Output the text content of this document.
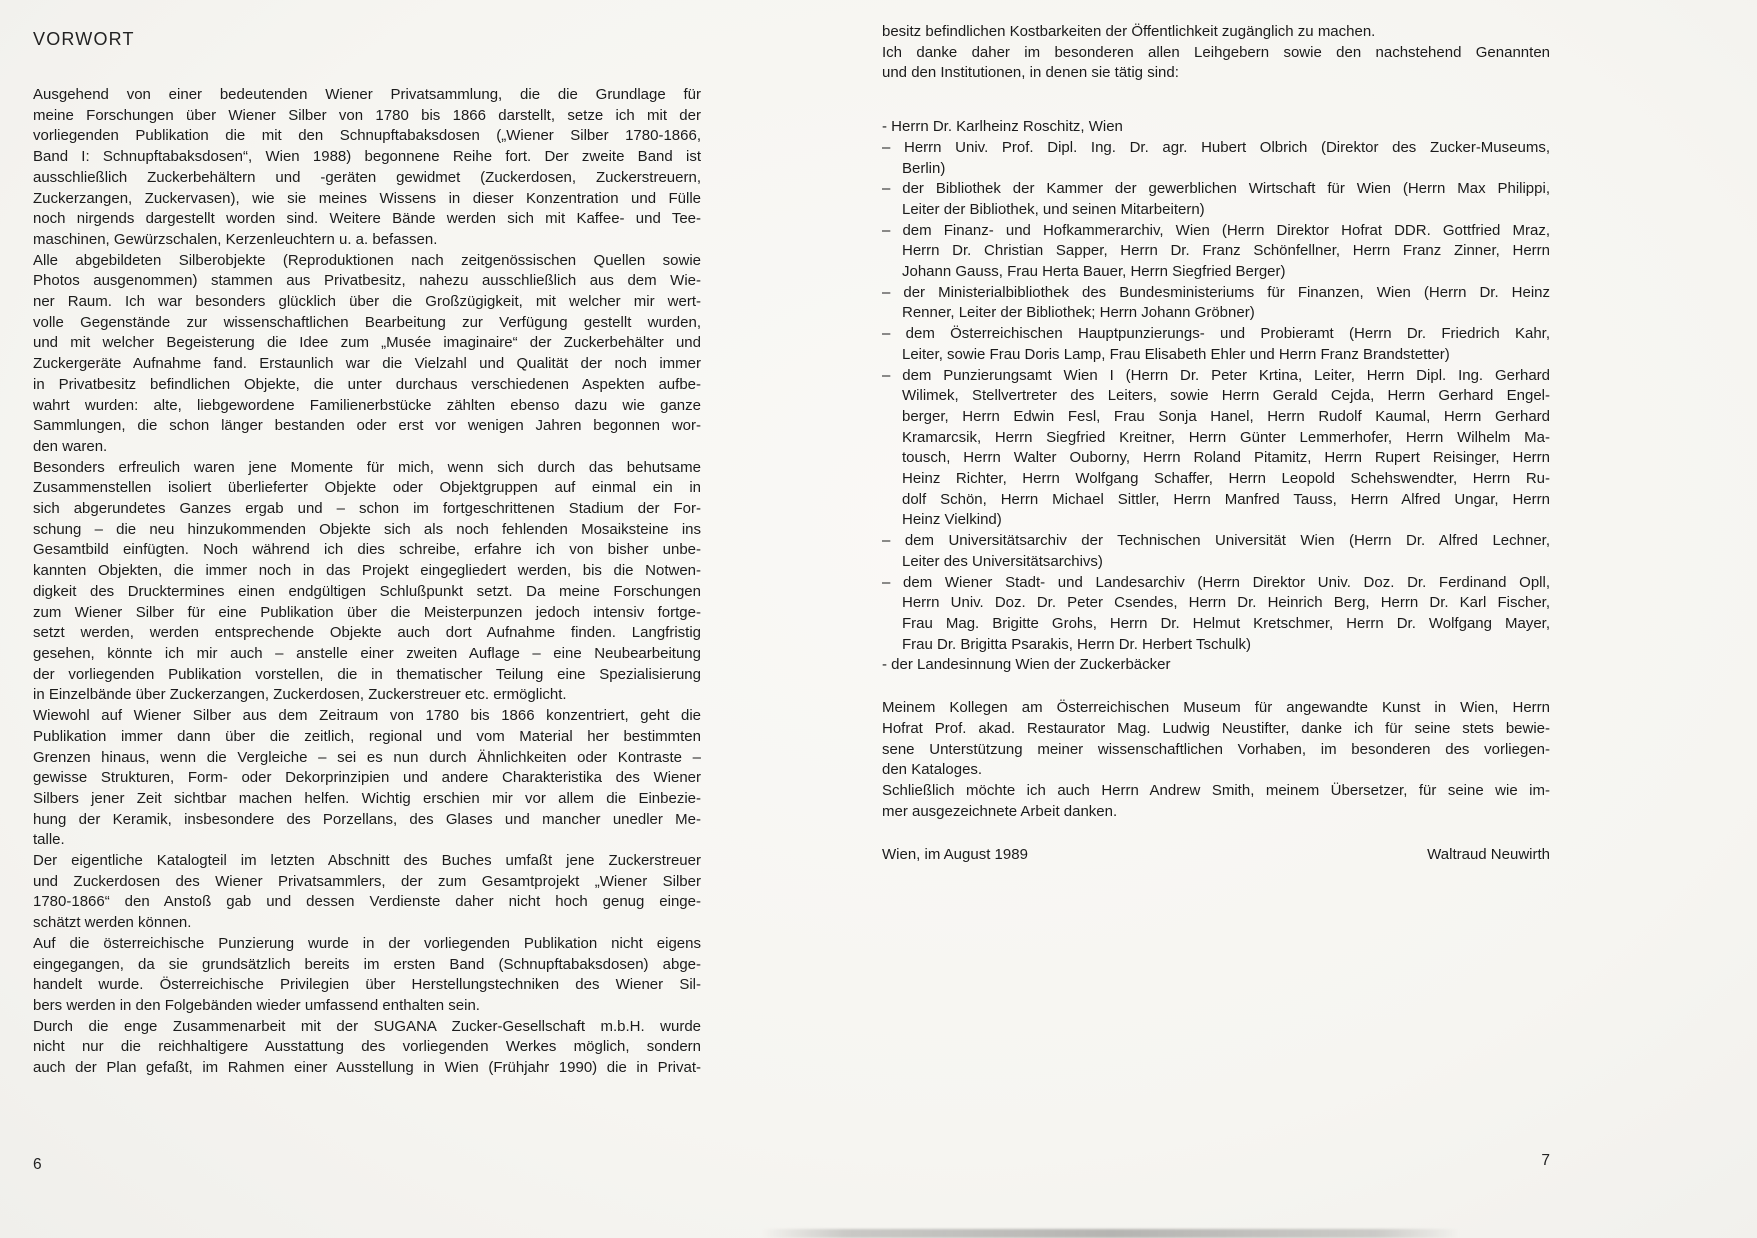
VORWORT
Ausgehend von einer bedeutenden Wiener Privatsammlung, die die Grundlage für
meine Forschungen über Wiener Silber von 1780 bis 1866 darstellt, setze ich mit der
vorliegenden Publikation die mit den Schnupftabaksdosen („Wiener Silber 1780-1866,
Band I: Schnupftabaksdosen“, Wien 1988) begonnene Reihe fort. Der zweite Band ist
ausschließlich Zuckerbehältern und -geräten gewidmet (Zuckerdosen, Zuckerstreuern,
Zuckerzangen, Zuckervasen), wie sie meines Wissens in dieser Konzentration und Fülle
noch nirgends dargestellt worden sind. Weitere Bände werden sich mit Kaffee- und Tee-
maschinen, Gewürzschalen, Kerzenleuchtern u. a. befassen.
Alle abgebildeten Silberobjekte (Reproduktionen nach zeitgenössischen Quellen sowie
Photos ausgenommen) stammen aus Privatbesitz, nahezu ausschließlich aus dem Wie-
ner Raum. Ich war besonders glücklich über die Großzügigkeit, mit welcher mir wert-
volle Gegenstände zur wissenschaftlichen Bearbeitung zur Verfügung gestellt wurden,
und mit welcher Begeisterung die Idee zum „Musée imaginaire“ der Zuckerbehälter und
Zuckergeräte Aufnahme fand. Erstaunlich war die Vielzahl und Qualität der noch immer
in Privatbesitz befindlichen Objekte, die unter durchaus verschiedenen Aspekten aufbe-
wahrt wurden: alte, liebgewordene Familienerbstücke zählten ebenso dazu wie ganze
Sammlungen, die schon länger bestanden oder erst vor wenigen Jahren begonnen wor-
den waren.
Besonders erfreulich waren jene Momente für mich, wenn sich durch das behutsame
Zusammenstellen isoliert überlieferter Objekte oder Objektgruppen auf einmal ein in
sich abgerundetes Ganzes ergab und – schon im fortgeschrittenen Stadium der For-
schung – die neu hinzukommenden Objekte sich als noch fehlenden Mosaiksteine ins
Gesamtbild einfügten. Noch während ich dies schreibe, erfahre ich von bisher unbe-
kannten Objekten, die immer noch in das Projekt eingegliedert werden, bis die Notwen-
digkeit des Drucktermines einen endgültigen Schlußpunkt setzt. Da meine Forschungen
zum Wiener Silber für eine Publikation über die Meisterpunzen jedoch intensiv fortge-
setzt werden, werden entsprechende Objekte auch dort Aufnahme finden. Langfristig
gesehen, könnte ich mir auch – anstelle einer zweiten Auflage – eine Neubearbeitung
der vorliegenden Publikation vorstellen, die in thematischer Teilung eine Spezialisierung
in Einzelbände über Zuckerzangen, Zuckerdosen, Zuckerstreuer etc. ermöglicht.
Wiewohl auf Wiener Silber aus dem Zeitraum von 1780 bis 1866 konzentriert, geht die
Publikation immer dann über die zeitlich, regional und vom Material her bestimmten
Grenzen hinaus, wenn die Vergleiche – sei es nun durch Ähnlichkeiten oder Kontraste –
gewisse Strukturen, Form- oder Dekorprinzipien und andere Charakteristika des Wiener
Silbers jener Zeit sichtbar machen helfen. Wichtig erschien mir vor allem die Einbezie-
hung der Keramik, insbesondere des Porzellans, des Glases und mancher unedler Me-
talle.
Der eigentliche Katalogteil im letzten Abschnitt des Buches umfaßt jene Zuckerstreuer
und Zuckerdosen des Wiener Privatsammlers, der zum Gesamtprojekt „Wiener Silber
1780-1866“ den Anstoß gab und dessen Verdienste daher nicht hoch genug einge-
schätzt werden können.
Auf die österreichische Punzierung wurde in der vorliegenden Publikation nicht eigens
eingegangen, da sie grundsätzlich bereits im ersten Band (Schnupftabaksdosen) abge-
handelt wurde. Österreichische Privilegien über Herstellungstechniken des Wiener Sil-
bers werden in den Folgebänden wieder umfassend enthalten sein.
Durch die enge Zusammenarbeit mit der SUGANA Zucker-Gesellschaft m.b.H. wurde
nicht nur die reichhaltigere Ausstattung des vorliegenden Werkes möglich, sondern
auch der Plan gefaßt, im Rahmen einer Ausstellung in Wien (Frühjahr 1990) die in Privat-
besitz befindlichen Kostbarkeiten der Öffentlichkeit zugänglich zu machen.
Ich danke daher im besonderen allen Leihgebern sowie den nachstehend Genannten
und den Institutionen, in denen sie tätig sind:
- Herrn Dr. Karlheinz Roschitz, Wien
– Herrn Univ. Prof. Dipl. Ing. Dr. agr. Hubert Olbrich (Direktor des Zucker-Museums,
Berlin)
– der Bibliothek der Kammer der gewerblichen Wirtschaft für Wien (Herrn Max Philippi,
Leiter der Bibliothek, und seinen Mitarbeitern)
– dem Finanz- und Hofkammerarchiv, Wien (Herrn Direktor Hofrat DDR. Gottfried Mraz,
Herrn Dr. Christian Sapper, Herrn Dr. Franz Schönfellner, Herrn Franz Zinner, Herrn
Johann Gauss, Frau Herta Bauer, Herrn Siegfried Berger)
– der Ministerialbibliothek des Bundesministeriums für Finanzen, Wien (Herrn Dr. Heinz
Renner, Leiter der Bibliothek; Herrn Johann Gröbner)
– dem Österreichischen Hauptpunzierungs- und Probieramt (Herrn Dr. Friedrich Kahr,
Leiter, sowie Frau Doris Lamp, Frau Elisabeth Ehler und Herrn Franz Brandstetter)
– dem Punzierungsamt Wien I (Herrn Dr. Peter Krtina, Leiter, Herrn Dipl. Ing. Gerhard
Wilimek, Stellvertreter des Leiters, sowie Herrn Gerald Cejda, Herrn Gerhard Engel-
berger, Herrn Edwin Fesl, Frau Sonja Hanel, Herrn Rudolf Kaumal, Herrn Gerhard
Kramarcsik, Herrn Siegfried Kreitner, Herrn Günter Lemmerhofer, Herrn Wilhelm Ma-
tousch, Herrn Walter Ouborny, Herrn Roland Pitamitz, Herrn Rupert Reisinger, Herrn
Heinz Richter, Herrn Wolfgang Schaffer, Herrn Leopold Schehswendter, Herrn Ru-
dolf Schön, Herrn Michael Sittler, Herrn Manfred Tauss, Herrn Alfred Ungar, Herrn
Heinz Vielkind)
– dem Universitätsarchiv der Technischen Universität Wien (Herrn Dr. Alfred Lechner,
Leiter des Universitätsarchivs)
– dem Wiener Stadt- und Landesarchiv (Herrn Direktor Univ. Doz. Dr. Ferdinand Opll,
Herrn Univ. Doz. Dr. Peter Csendes, Herrn Dr. Heinrich Berg, Herrn Dr. Karl Fischer,
Frau Mag. Brigitte Grohs, Herrn Dr. Helmut Kretschmer, Herrn Dr. Wolfgang Mayer,
Frau Dr. Brigitta Psarakis, Herrn Dr. Herbert Tschulk)
- der Landesinnung Wien der Zuckerbäcker
Meinem Kollegen am Österreichischen Museum für angewandte Kunst in Wien, Herrn
Hofrat Prof. akad. Restaurator Mag. Ludwig Neustifter, danke ich für seine stets bewie-
sene Unterstützung meiner wissenschaftlichen Vorhaben, im besonderen des vorliegen-
den Kataloges.
Schließlich möchte ich auch Herrn Andrew Smith, meinem Übersetzer, für seine wie im-
mer ausgezeichnete Arbeit danken.
Wien, im August 1989	Waltraud Neuwirth
6	7
